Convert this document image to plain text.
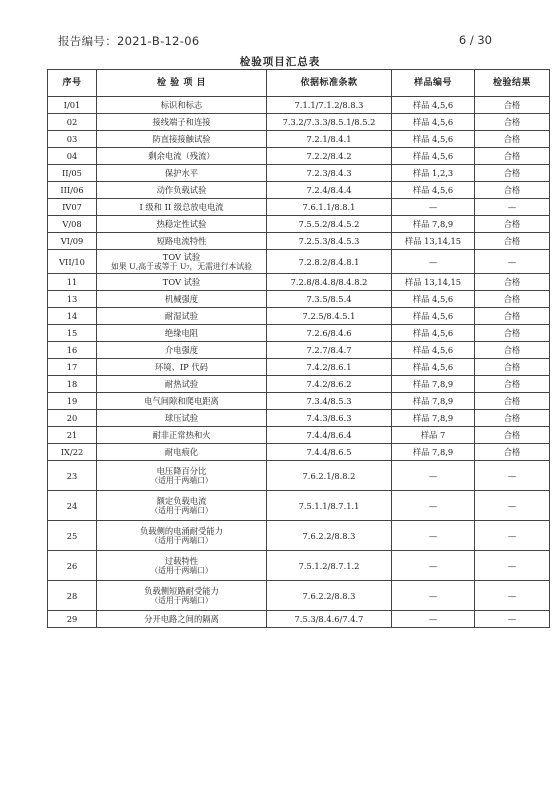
报告编号：2021-B-12-06	6 / 30
检验项目汇总表
序号	检 验 项 目	依据标准条款	样品编号	检验结果
I/01	标识和标志	7.1.1/7.1.2/8.8.3	样品 4,5,6	合格
02	接线端子和连接	7.3.2/7.3.3/8.5.1/8.5.2	样品 4,5,6	合格
03	防直接接触试验	7.2.1/8.4.1	样品 4,5,6	合格
04	剩余电流（残流）	7.2.2/8.4.2	样品 4,5,6	合格
II/05	保护水平	7.2.3/8.4.3	样品 1,2,3	合格
III/06	动作负载试验	7.2.4/8.4.4	样品 4,5,6	合格
IV07	I 级和 II 级总放电电流	7.6.1.1/8.8.1	—	—
V/08	热稳定性试验	7.5.5.2/8.4.5.2	样品 7,8,9	合格
VI/09	短路电流特性	7.2.5.3/8.4.5.3	样品 13,14,15	合格
VII/10	TOV 试验
如果 U꜀高于或等于 U₇，无需进行本试验	7.2.8.2/8.4.8.1	—	—
11	TOV 试验	7.2.8/8.4.8/8.4.8.2	样品 13,14,15	合格
13	机械强度	7.3.5/8.5.4	样品 4,5,6	合格
14	耐湿试验	7.2.5/8.4.5.1	样品 4,5,6	合格
15	绝缘电阻	7.2.6/8.4.6	样品 4,5,6	合格
16	介电强度	7.2.7/8.4.7	样品 4,5,6	合格
17	环境、IP 代码	7.4.2/8.6.1	样品 4,5,6	合格
18	耐热试验	7.4.2/8.6.2	样品 7,8,9	合格
19	电气间隙和爬电距离	7.3.4/8.5.3	样品 7,8,9	合格
20	球压试验	7.4.3/8.6.3	样品 7,8,9	合格
21	耐非正常热和火	7.4.4/8.6.4	样品 7	合格
IX/22	耐电痕化	7.4.4/8.6.5	样品 7,8,9	合格
23	电压降百分比
（适用于两端口）	7.6.2.1/8.8.2	—	—
24	额定负载电流
（适用于两端口）	7.5.1.1/8.7.1.1	—	—
25	负载侧的电涌耐受能力
（适用于两端口）	7.6.2.2/8.8.3	—	—
26	过载特性
（适用于两端口）	7.5.1.2/8.7.1.2	—	—
28	负载侧短路耐受能力
（适用于两端口）	7.6.2.2/8.8.3	—	—
29	分开电路之间的隔离	7.5.3/8.4.6/7.4.7	—	—
